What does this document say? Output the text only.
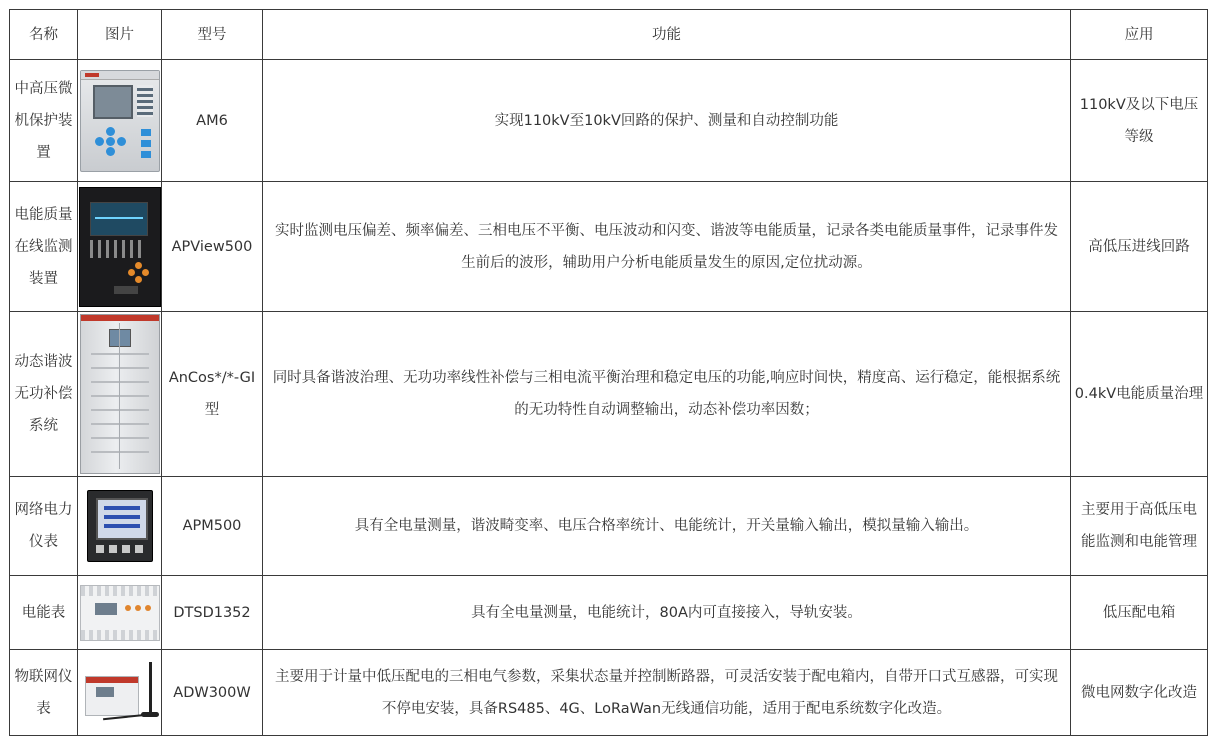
名称	图片	型号	功能	应用
中高压微机保护装置		AM6	实现110kV至10kV回路的保护、测量和自动控制功能	110kV及以下电压等级
电能质量在线监测装置		APView500	实时监测电压偏差、频率偏差、三相电压不平衡、电压波动和闪变、谐波等电能质量，记录各类电能质量事件，记录事件发生前后的波形，辅助用户分析电能质量发生的原因,定位扰动源。	高低压进线回路
动态谐波无功补偿系统		AnCos*/*-GⅠ型	同时具备谐波治理、无功功率线性补偿与三相电流平衡治理和稳定电压的功能,响应时间快，精度高、运行稳定，能根据系统的无功特性自动调整输出，动态补偿功率因数；	0.4kV电能质量治理
网络电力仪表		APM500	具有全电量测量，谐波畸变率、电压合格率统计、电能统计，开关量输入输出，模拟量输入输出。	主要用于高低压电能监测和电能管理
电能表		DTSD1352	具有全电量测量，电能统计，80A内可直接接入，导轨安装。	低压配电箱
物联网仪表		ADW300W	主要用于计量中低压配电的三相电气参数，采集状态量并控制断路器，可灵活安装于配电箱内，自带开口式互感器，可实现不停电安装，具备RS485、4G、LoRaWan无线通信功能，适用于配电系统数字化改造。	微电网数字化改造
